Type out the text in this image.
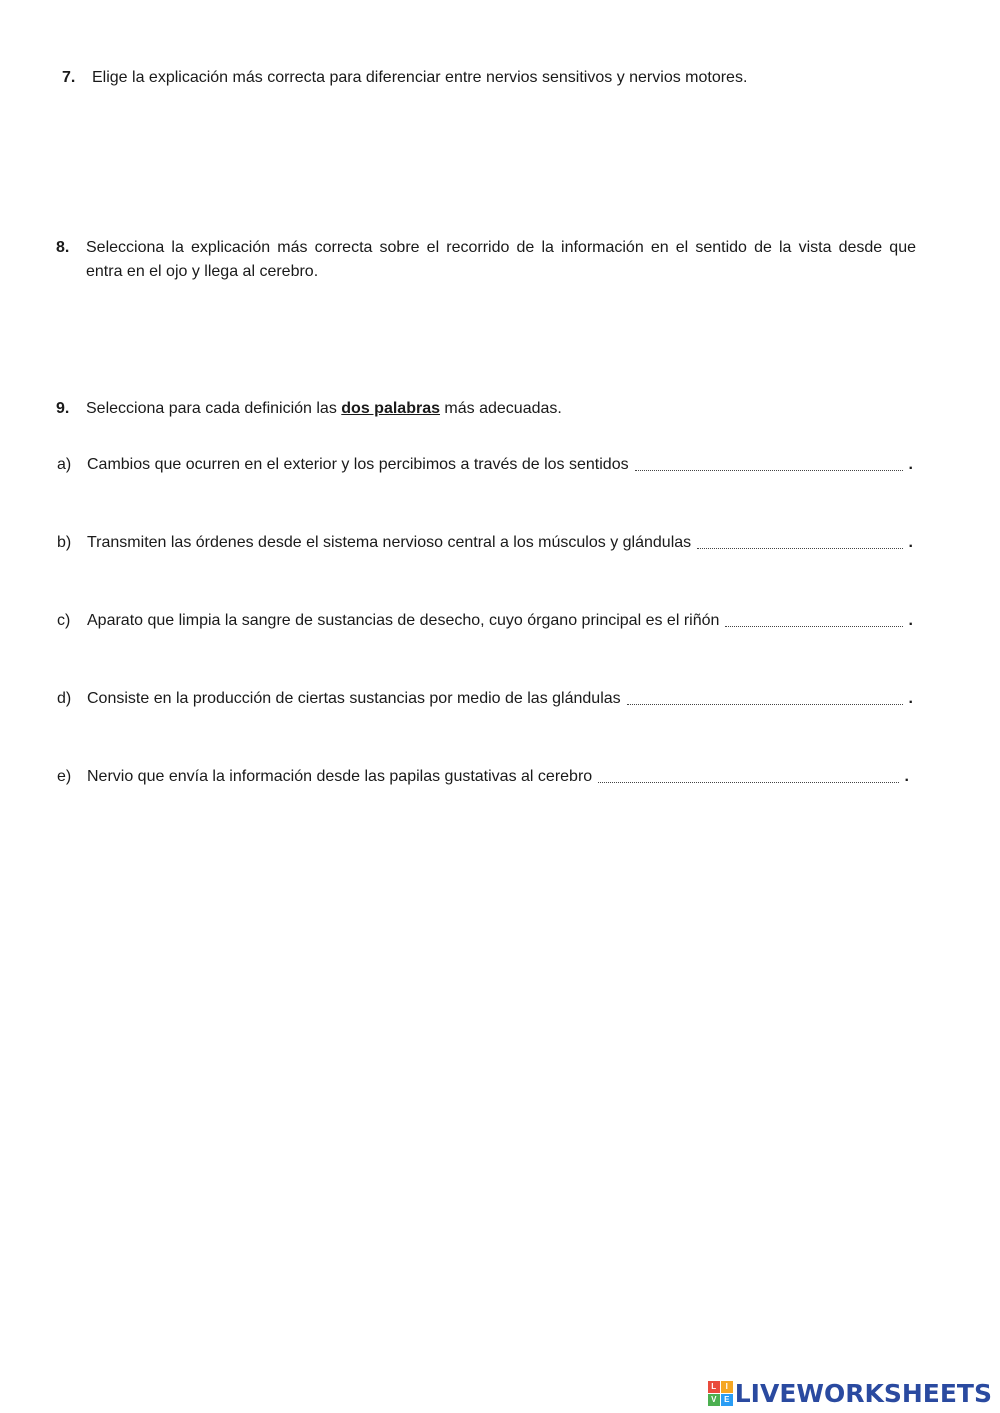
7. Elige la explicación más correcta para diferenciar entre nervios sensitivos y nervios motores.
8.	Selecciona la explicación más correcta sobre el recorrido de la información en el sentido de la vista desde que
entra en el ojo y llega al cerebro.
9. Selecciona para cada definición las dos palabras más adecuadas.
a) Cambios que ocurren en el exterior y los percibimos a través de los sentidos	.
b) Transmiten las órdenes desde el sistema nervioso central a los músculos y glándulas	.
c)	Aparato que limpia la sangre de sustancias de desecho, cuyo órgano principal es el riñón	.
d) Consiste en la producción de ciertas sustancias por medio de las glándulas	.
e) Nervio que envía la información desde las papilas gustativas al cerebro	.
L	I
V E LIVEWORKSHEETS
